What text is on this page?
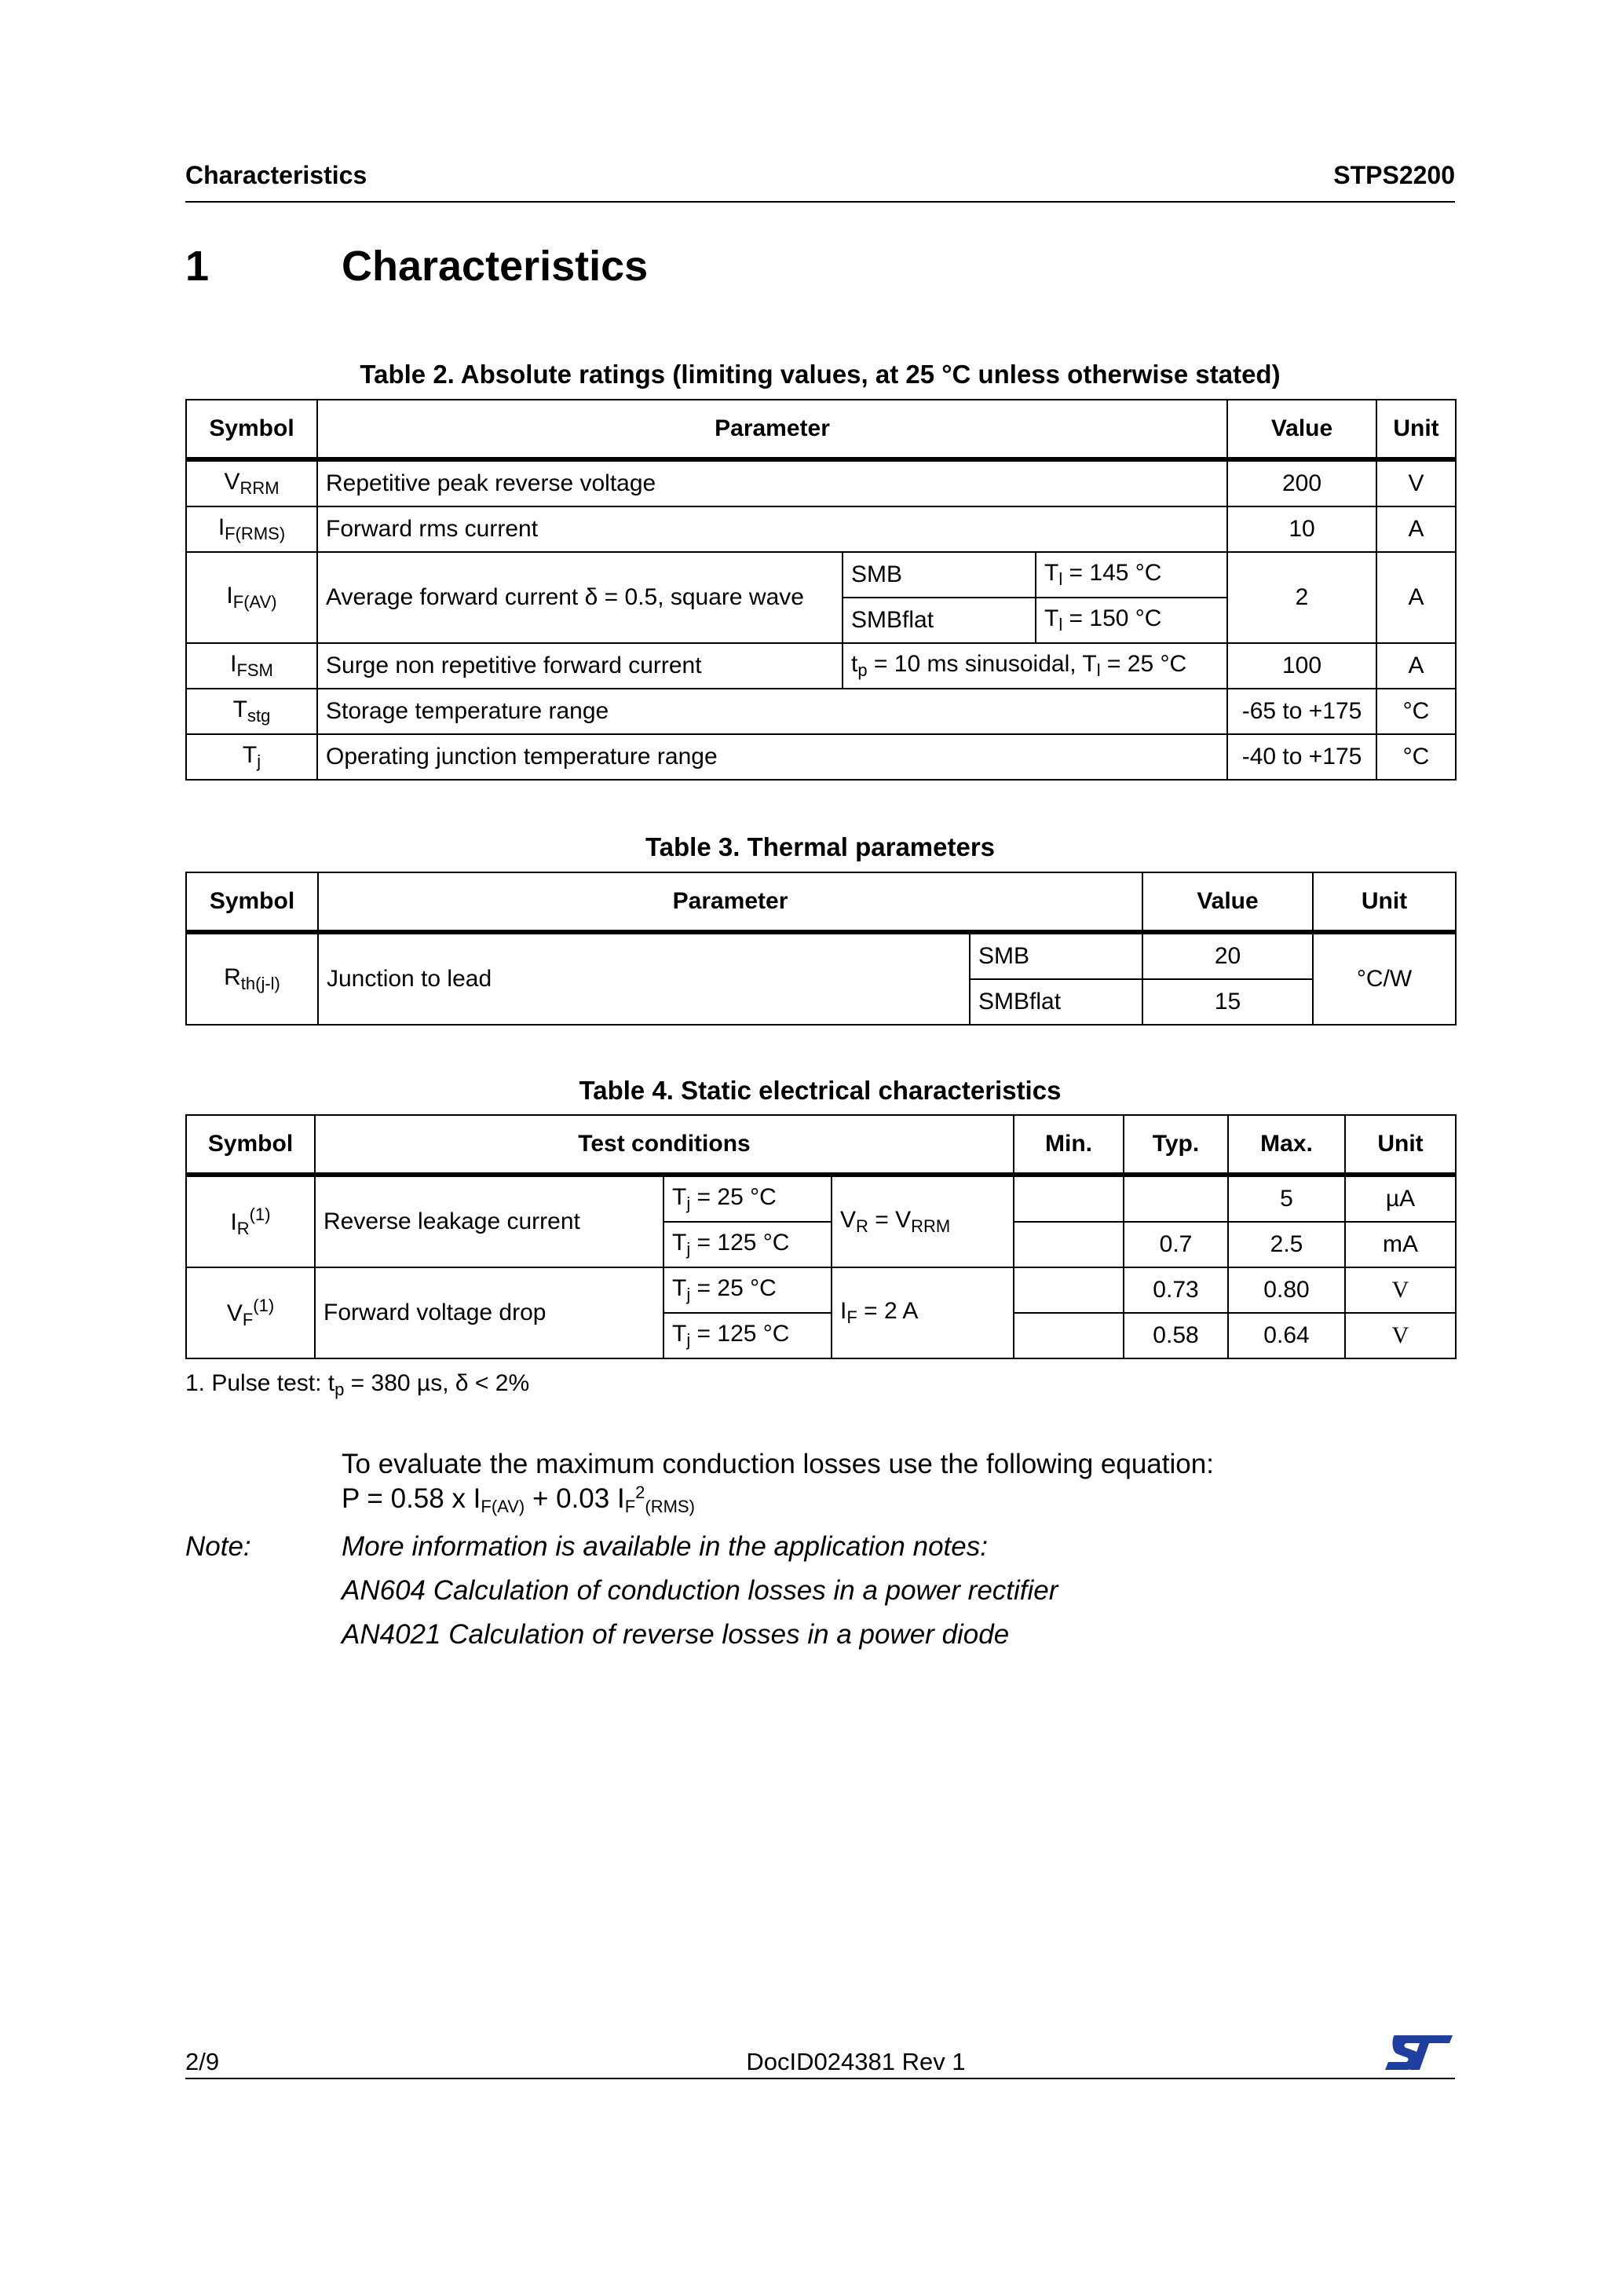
Characteristics	STPS2200
1	Characteristics
Table 2. Absolute ratings (limiting values, at 25 °C unless otherwise stated)
Symbol	Parameter			Value	Unit
$V_{RRM}$	Repetitive peak reverse voltage			200	V
$I_{F(RMS)}$	Forward rms current			10	A
$I_{F(AV)}$	Average forward current δ = 0.5, square wave	SMB	$T_l = 145$ °C	2	A
		SMBflat	$T_l = 150$ °C		
$I_{FSM}$	Surge non repetitive forward current	$t_p = 10$ ms sinusoidal, $T_l = 25$ °C		100	A
$T_{stg}$	Storage temperature range			-65 to +175	°C
$T_j$	Operating junction temperature range			-40 to +175	°C
Table 3. Thermal parameters
Symbol	Parameter		Value	Unit
$R_{th(j-l)}$	Junction to lead	SMB	20	°C/W
		SMBflat	15	
Table 4. Static electrical characteristics
Symbol	Test conditions			Min.	Typ.	Max.	Unit
$I_R^{(1)}$	Reverse leakage current	$T_j = 25$ °C	$V_R = V_{RRM}$			5	µA
		$T_j = 125$ °C			0.7	2.5	mA
$V_F^{(1)}$	Forward voltage drop	$T_j = 25$ °C	$I_F = 2$ A		0.73	0.80	V
		$T_j = 125$ °C			0.58	0.64	V
1. Pulse test: $t_p = 380$ µs, δ < 2%
To evaluate the maximum conduction losses use the following equation:
P = 0.58 x $I_{F(AV)} + 0.03$ $I_F^2_{(RMS)}$
Note:	More information is available in the application notes:
AN604 Calculation of conduction losses in a power rectifier
AN4021 Calculation of reverse losses in a power diode
2/9	DocID024381 Rev 1
